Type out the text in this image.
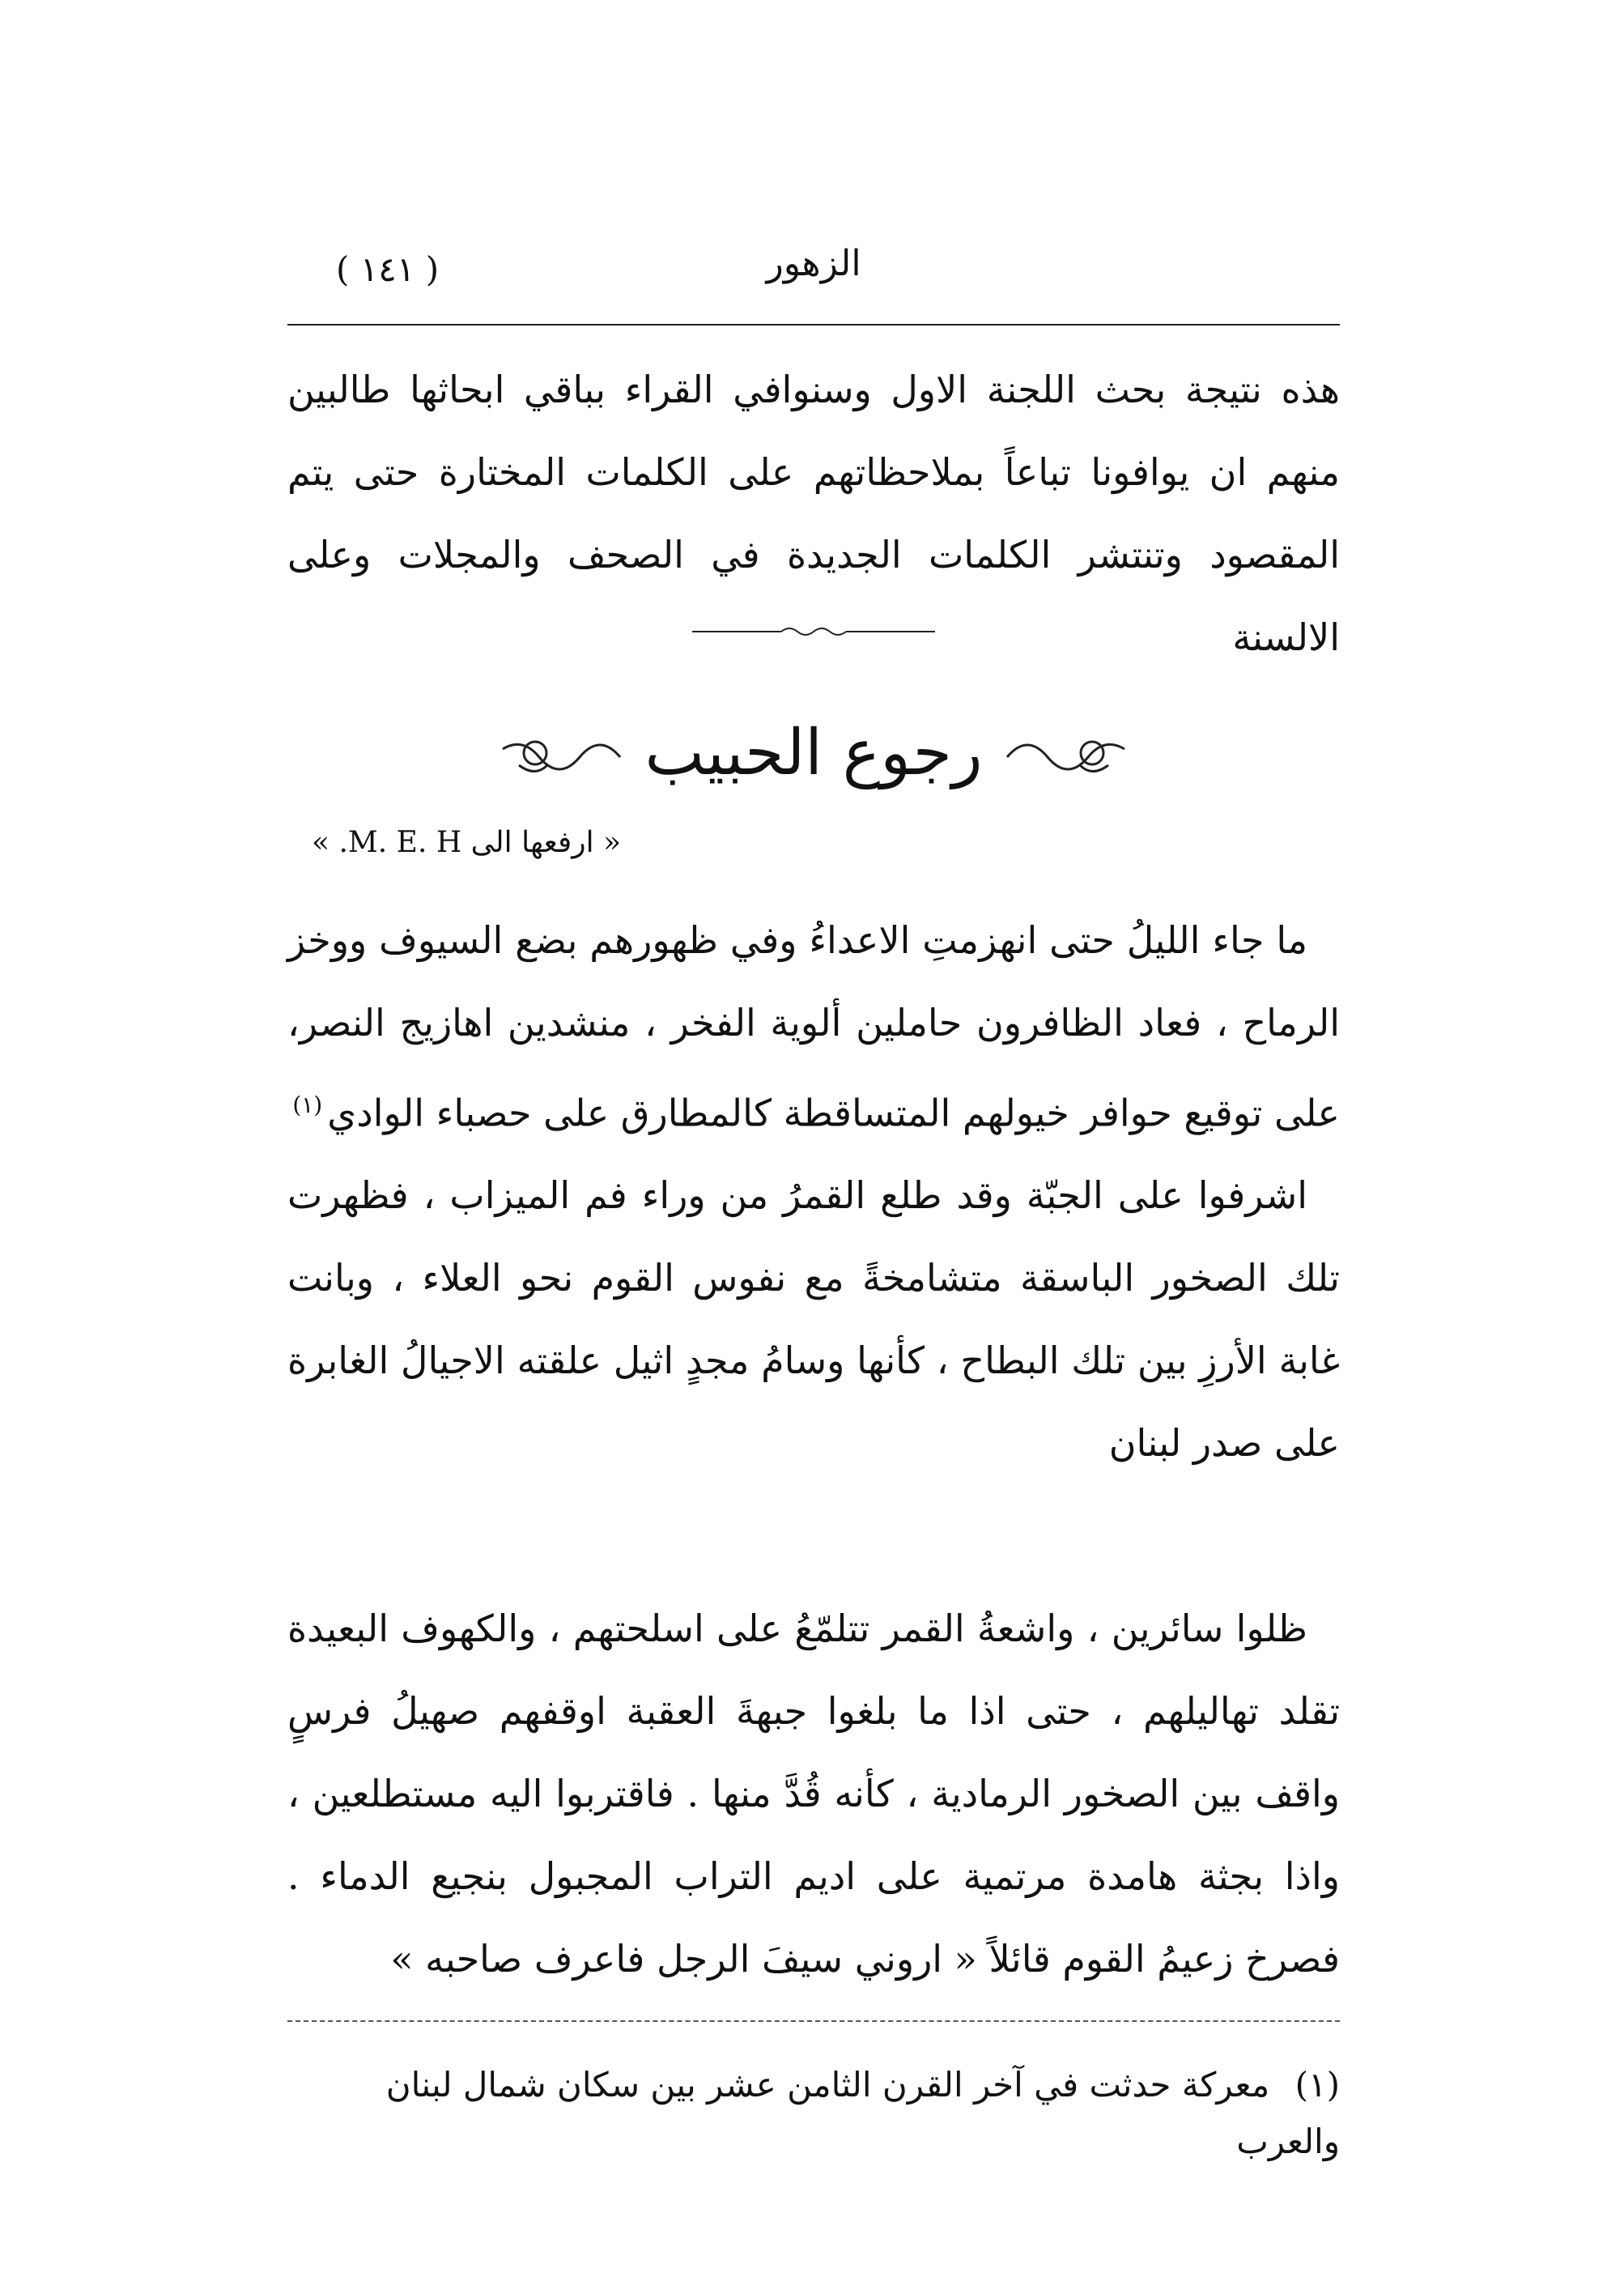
الزهور
( ١٤١ )
هذه نتيجة بحث اللجنة الاول وسنوافي القراء بباقي ابحاثها طالبين منهم ان يوافونا تباعاً بملاحظاتهم على الكلمات المختارة حتى يتم المقصود وتنتشر الكلمات الجديدة في الصحف والمجلات وعلى الالسنة
رجوع الحبيب
« ارفعها الى M. E. H. »
ما جاء الليلُ حتى انهزمتِ الاعداءُ وفي ظهورهم بضع السيوف ووخز الرماح ، فعاد الظافرون حاملين ألوية الفخر ، منشدين اهازيج النصر، على توقيع حوافر خيولهم المتساقطة كالمطارق على حصباء الوادي$^{(١)}$
اشرفوا على الجبّة وقد طلع القمرُ من وراء فم الميزاب ، فظهرت تلك الصخور الباسقة متشامخةً مع نفوس القوم نحو العلاء ، وبانت غابة الأرزِ بين تلك البطاح ، كأنها وسامُ مجدٍ اثيل علقته الاجيالُ الغابرة على صدر لبنان
ظلوا سائرين ، واشعةُ القمر تتلمّعُ على اسلحتهم ، والكهوف البعيدة تقلد تهاليلهم ، حتى اذا ما بلغوا جبهةَ العقبة اوقفهم صهيلُ فرسٍ واقف بين الصخور الرمادية ، كأنه قُدَّ منها . فاقتربوا اليه مستطلعين ، واذا بجثة هامدة مرتمية على اديم التراب المجبول بنجيع الدماء . فصرخ زعيمُ القوم قائلاً « اروني سيفَ الرجل فاعرف صاحبه »
(١) معركة حدثت في آخر القرن الثامن عشر بين سكان شمال لبنان والعرب
